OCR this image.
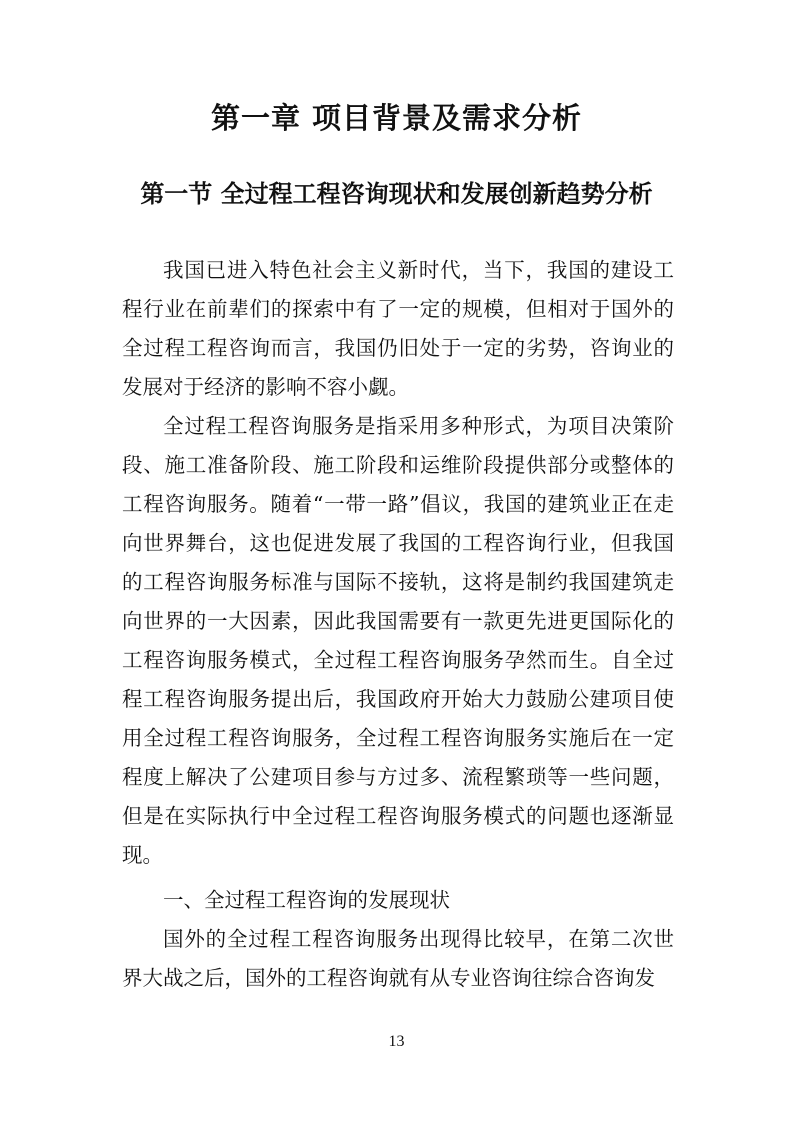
第一章 项目背景及需求分析
第一节 全过程工程咨询现状和发展创新趋势分析

我国已进入特色社会主义新时代，当下，我国的建设工程行业在前辈们的探索中有了一定的规模，但相对于国外的全过程工程咨询而言，我国仍旧处于一定的劣势，咨询业的发展对于经济的影响不容小觑。

全过程工程咨询服务是指采用多种形式，为项目决策阶段、施工准备阶段、施工阶段和运维阶段提供部分或整体的工程咨询服务。随着“一带一路”倡议，我国的建筑业正在走向世界舞台，这也促进发展了我国的工程咨询行业，但我国的工程咨询服务标准与国际不接轨，这将是制约我国建筑走向世界的一大因素，因此我国需要有一款更先进更国际化的工程咨询服务模式，全过程工程咨询服务孕然而生。自全过程工程咨询服务提出后，我国政府开始大力鼓励公建项目使用全过程工程咨询服务，全过程工程咨询服务实施后在一定程度上解决了公建项目参与方过多、流程繁琐等一些问题，但是在实际执行中全过程工程咨询服务模式的问题也逐渐显现。

一、全过程工程咨询的发展现状

国外的全过程工程咨询服务出现得比较早，在第二次世界大战之后，国外的工程咨询就有从专业咨询往综合咨询发

13
